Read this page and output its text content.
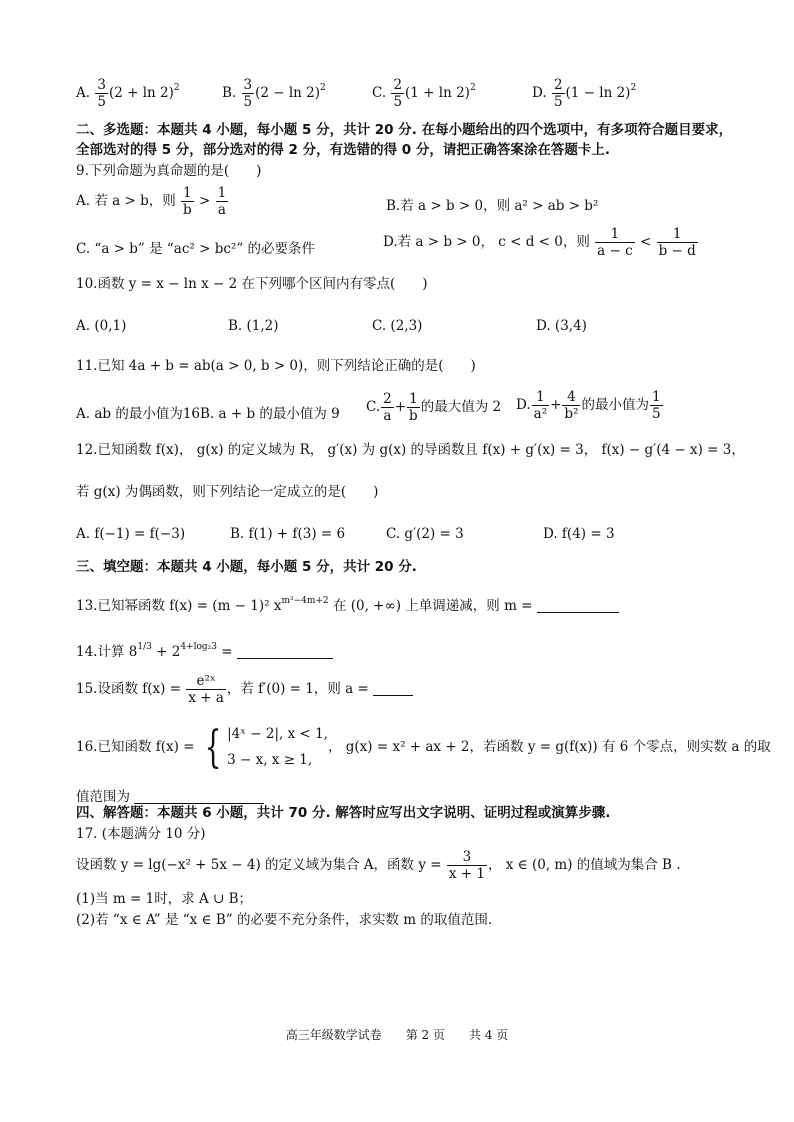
A. $\frac{3}{5} (2 + \ln 2)^2$	B. $\frac{3}{5} (2 - \ln 2)^2$	C. $\frac{2}{5} (1 + \ln 2)^2$	D. $\frac{2}{5} (1 - \ln 2)^2$
二、多选题：本题共 4 小题，每小题 5 分，共计 20 分. 在每小题给出的四个选项中，有多项符合题目要求，
全部选对的得 5 分，部分选对的得 2 分，有选错的得 0 分，请把正确答案涂在答题卡上.
9.下列命题为真命题的是(　　)
A. 若 a > b，则 $\frac{1}{b} > \frac{1}{a}$	B.若 a > b > 0，则 a² > ab > b²
C. “a > b” 是 “ac² > bc²” 的必要条件	D.若 a > b > 0， c < d < 0，则 $\frac{1}{a - c} < \frac{1}{b - d}$
10.函数 y = x − ln x − 2 在下列哪个区间内有零点(　　)
A. (0,1)	B. (1,2)	C. (2,3)	D. (3,4)
11.已知 4a + b = ab(a > 0, b > 0)，则下列结论正确的是(　　)
A. ab 的最小值为16 B. a + b 的最小值为 9 C. $\frac{2}{a} + \frac{1}{b}$ 的最大值为 2 D. $\frac{1}{\text{a²}} + \frac{4}{\text{b²}}$ 的最小值为 $\frac{1}{5}$
12.已知函数 f(x)， g(x) 的定义域为 R， g′(x) 为 g(x) 的导函数且 f(x) + g′(x) = 3， f(x) − g′(4 − x) = 3，
若 g(x) 为偶函数，则下列结论一定成立的是(　　)
A. f(−1) = f(−3)	B. f(1) + f(3) = 6	C. g′(2) = 3	D. f(4) = 3
三、填空题：本题共 4 小题，每小题 5 分，共计 20 分.
13.已知幂函数 f(x) = (m − 1)² $x^{m^2-4m+2}$ 在 (0, +∞) 上单调递减，则 m =
14.计算 $8^{1/3} + 2^{4+log_23}$ =
15.设函数 $f(x) = \frac{\text{e²ˣ}}{x + a}$ ，若 f′(0) = 1，则 a =
16.已知函数 f(x) = { |4ˣ − 2|, x < 1,
3 − x, x ≥ 1,
， g(x) = x² + ax + 2，若函数 y = g(f(x)) 有 6 个零点，则实数 a 的取
值范围为
四、解答题：本题共 6 小题，共计 70 分. 解答时应写出文字说明、证明过程或演算步骤.
17. (本题满分 10 分)
设函数 y = lg(−x² + 5x − 4) 的定义域为集合 A，函数 $y = \frac{3}{x + 1}$ ， x ∈ (0, m) 的值域为集合 B .
(1)当 m = 1时，求 A ∪ B；
(2)若 “x ∈ A” 是 “x ∈ B” 的必要不充分条件，求实数 m 的取值范围.
高三年级数学试卷　　第 2 页　　共 4 页
